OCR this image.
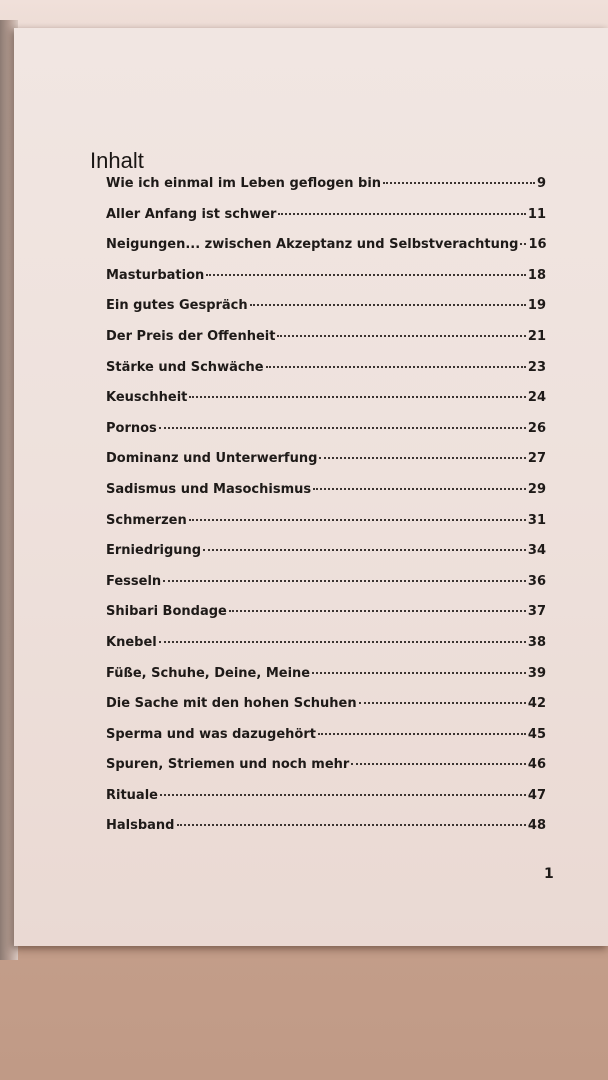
Inhalt
Wie ich einmal im Leben geflogen bin	9
Aller Anfang ist schwer	11
Neigungen... zwischen Akzeptanz und Selbstverachtung 16
Masturbation	18
Ein gutes Gespräch	19
Der Preis der Offenheit	21
Stärke und Schwäche	23
Keuschheit	24
Pornos	26
Dominanz und Unterwerfung	27
Sadismus und Masochismus	29
Schmerzen	31
Erniedrigung	34
Fesseln	36
Shibari Bondage	37
Knebel	38
Füße, Schuhe, Deine, Meine	39
Die Sache mit den hohen Schuhen	42
Sperma und was dazugehört	45
Spuren, Striemen und noch mehr	46
Rituale	47
Halsband	48
1
